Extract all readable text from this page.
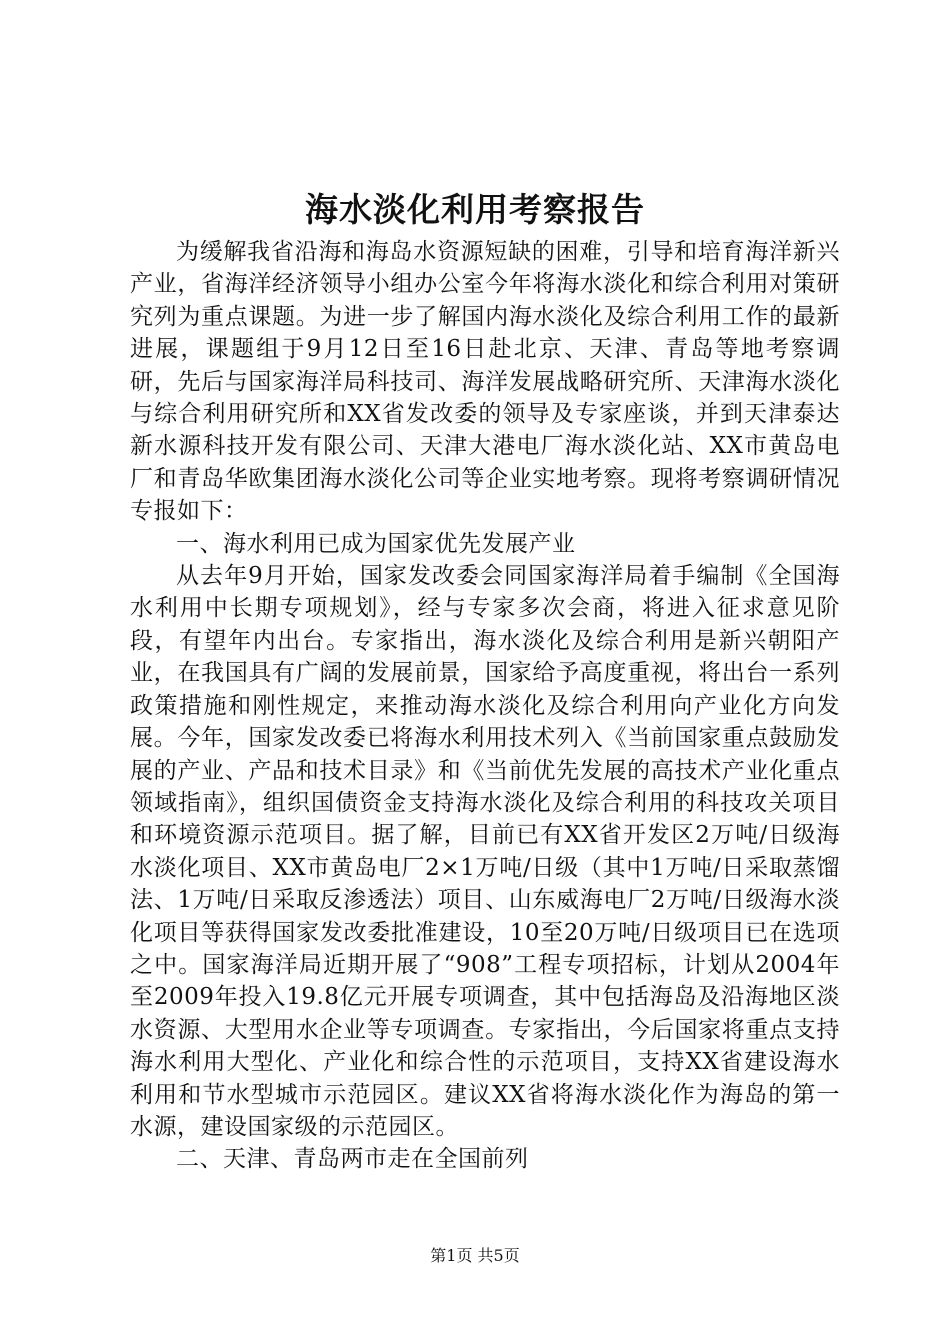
海水淡化利用考察报告

为缓解我省沿海和海岛水资源短缺的困难，引导和培育海洋新兴产业，省海洋经济领导小组办公室今年将海水淡化和综合利用对策研究列为重点课题。为进一步了解国内海水淡化及综合利用工作的最新进展，课题组于9月12日至16日赴北京、天津、青岛等地考察调研，先后与国家海洋局科技司、海洋发展战略研究所、天津海水淡化与综合利用研究所和XX省发改委的领导及专家座谈，并到天津泰达新水源科技开发有限公司、天津大港电厂海水淡化站、XX市黄岛电厂和青岛华欧集团海水淡化公司等企业实地考察。现将考察调研情况专报如下：

一、海水利用已成为国家优先发展产业

从去年9月开始，国家发改委会同国家海洋局着手编制《全国海水利用中长期专项规划》，经与专家多次会商，将进入征求意见阶段，有望年内出台。专家指出，海水淡化及综合利用是新兴朝阳产业，在我国具有广阔的发展前景，国家给予高度重视，将出台一系列政策措施和刚性规定，来推动海水淡化及综合利用向产业化方向发展。今年，国家发改委已将海水利用技术列入《当前国家重点鼓励发展的产业、产品和技术目录》和《当前优先发展的高技术产业化重点领域指南》，组织国债资金支持海水淡化及综合利用的科技攻关项目和环境资源示范项目。据了解，目前已有XX省开发区2万吨/日级海水淡化项目、XX市黄岛电厂2×1万吨/日级（其中1万吨/日采取蒸馏法、1万吨/日采取反渗透法）项目、山东威海电厂2万吨/日级海水淡化项目等获得国家发改委批准建设，10至20万吨/日级项目已在选项之中。国家海洋局近期开展了“908”工程专项招标，计划从2004年至2009年投入19.8亿元开展专项调查，其中包括海岛及沿海地区淡水资源、大型用水企业等专项调查。专家指出，今后国家将重点支持海水利用大型化、产业化和综合性的示范项目，支持XX省建设海水利用和节水型城市示范园区。建议XX省将海水淡化作为海岛的第一水源，建设国家级的示范园区。

二、天津、青岛两市走在全国前列

第1页 共5页
